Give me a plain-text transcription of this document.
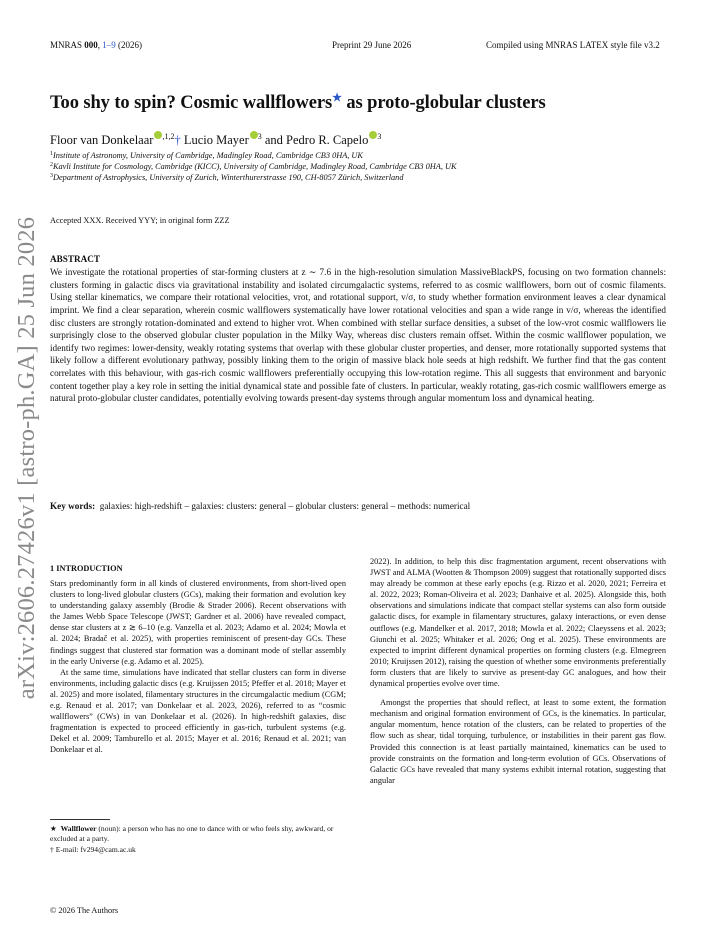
arXiv:2606.27426v1 [astro-ph.GA] 25 Jun 2026
MNRAS 000, 1–9 (2026)	Preprint 29 June 2026	Compiled using MNRAS LATEX style file v3.2
Too shy to spin? Cosmic wallflowers★ as proto-globular clusters
Floor van Donkelaar $^{,1,2}$† Lucio Mayer $^3$ and Pedro R. Capelo $^3$
$^1$Institute of Astronomy, University of Cambridge, Madingley Road, Cambridge CB3 0HA, UK
$^2$Kavli Institute for Cosmology, Cambridge (KICC), University of Cambridge, Madingley Road, Cambridge CB3 0HA, UK
$^3$Department of Astrophysics, University of Zurich, Winterthurerstrasse 190, CH-8057 Zürich, Switzerland
Accepted XXX. Received YYY; in original form ZZZ
ABSTRACT
We investigate the rotational properties of star-forming clusters at z ∼ 7.6 in the high-resolution simulation MassiveBlackPS, focusing on two formation channels: clusters forming in galactic discs via gravitational instability and isolated circumgalactic systems, referred to as cosmic wallflowers, born out of cosmic filaments. Using stellar kinematics, we compare their rotational velocities, vrot, and rotational support, v/σ, to study whether formation environment leaves a clear dynamical imprint. We find a clear separation, wherein cosmic wallflowers systematically have lower rotational velocities and span a wide range in v/σ, whereas the identified disc clusters are strongly rotation-dominated and extend to higher vrot. When combined with stellar surface densities, a subset of the low-vrot cosmic wallflowers lie surprisingly close to the observed globular cluster population in the Milky Way, whereas disc clusters remain offset. Within the cosmic wallflower population, we identify two regimes: lower-density, weakly rotating systems that overlap with these globular cluster properties, and denser, more rotationally supported systems that likely follow a different evolutionary pathway, possibly linking them to the origin of massive black hole seeds at high redshift. We further find that the gas content correlates with this behaviour, with gas-rich cosmic wallflowers preferentially occupying this low-rotation regime. This all suggests that environment and baryonic content together play a key role in setting the initial dynamical state and possible fate of clusters. In particular, weakly rotating, gas-rich cosmic wallflowers emerge as natural proto-globular cluster candidates, potentially evolving towards present-day systems through angular momentum loss and dynamical heating.
Key words: galaxies: high-redshift – galaxies: clusters: general – globular clusters: general – methods: numerical
1 INTRODUCTION

Stars predominantly form in all kinds of clustered environments, from short-lived open clusters to long-lived globular clusters (GCs), making their formation and evolution key to understanding galaxy assembly (Brodie & Strader 2006). Recent observations with the James Webb Space Telescope (JWST; Gardner et al. 2006) have revealed compact, dense star clusters at z ≳ 6–10 (e.g. Vanzella et al. 2023; Adamo et al. 2024; Mowla et al. 2024; Bradač et al. 2025), with properties reminiscent of present-day GCs. These findings suggest that clustered star formation was a dominant mode of stellar assembly in the early Universe (e.g. Adamo et al. 2025).

At the same time, simulations have indicated that stellar clusters can form in diverse environments, including galactic discs (e.g. Kruijssen 2015; Pfeffer et al. 2018; Mayer et al. 2025) and more isolated, filamentary structures in the circumgalactic medium (CGM; e.g. Renaud et al. 2017; van Donkelaar et al. 2023, 2026), referred to as “cosmic wallflowers” (CWs) in van Donkelaar et al. (2026). In high-redshift galaxies, disc fragmentation is expected to proceed efficiently in gas-rich, turbulent systems (e.g. Dekel et al. 2009; Tamburello et al. 2015; Mayer et al. 2016; Renaud et al. 2021; van Donkelaar et al.

2022). In addition, to help this disc fragmentation argument, recent observations with JWST and ALMA (Wootten & Thompson 2009) suggest that rotationally supported discs may already be common at these early epochs (e.g. Rizzo et al. 2020, 2021; Ferreira et al. 2022, 2023; Roman-Oliveira et al. 2023; Danhaive et al. 2025). Alongside this, both observations and simulations indicate that compact stellar systems can also form outside galactic discs, for example in filamentary structures, galaxy interactions, or even dense outflows (e.g. Mandelker et al. 2017, 2018; Mowla et al. 2022; Claeyssens et al. 2023; Giunchi et al. 2025; Whitaker et al. 2026; Ong et al. 2025). These environments are expected to imprint different dynamical properties on forming clusters (e.g. Elmegreen 2010; Kruijssen 2012), raising the question of whether some environments preferentially form clusters that are likely to survive as present-day GC analogues, and how their dynamical properties evolve over time.

Amongst the properties that should reflect, at least to some extent, the formation mechanism and original formation environment of GCs, is the kinematics. In particular, angular momentum, hence rotation of the clusters, can be related to properties of the flow such as shear, tidal torquing, turbulence, or instabilities in their parent gas flow. Provided this connection is at least partially maintained, kinematics can be used to provide constraints on the formation and long-term evolution of GCs. Observations of Galactic GCs have revealed that many systems exhibit internal rotation, suggesting that angular

★ Wallflower (noun): a person who has no one to dance with or who feels shy, awkward, or excluded at a party.

† E-mail: fv294@cam.ac.uk

© 2026 The Authors
